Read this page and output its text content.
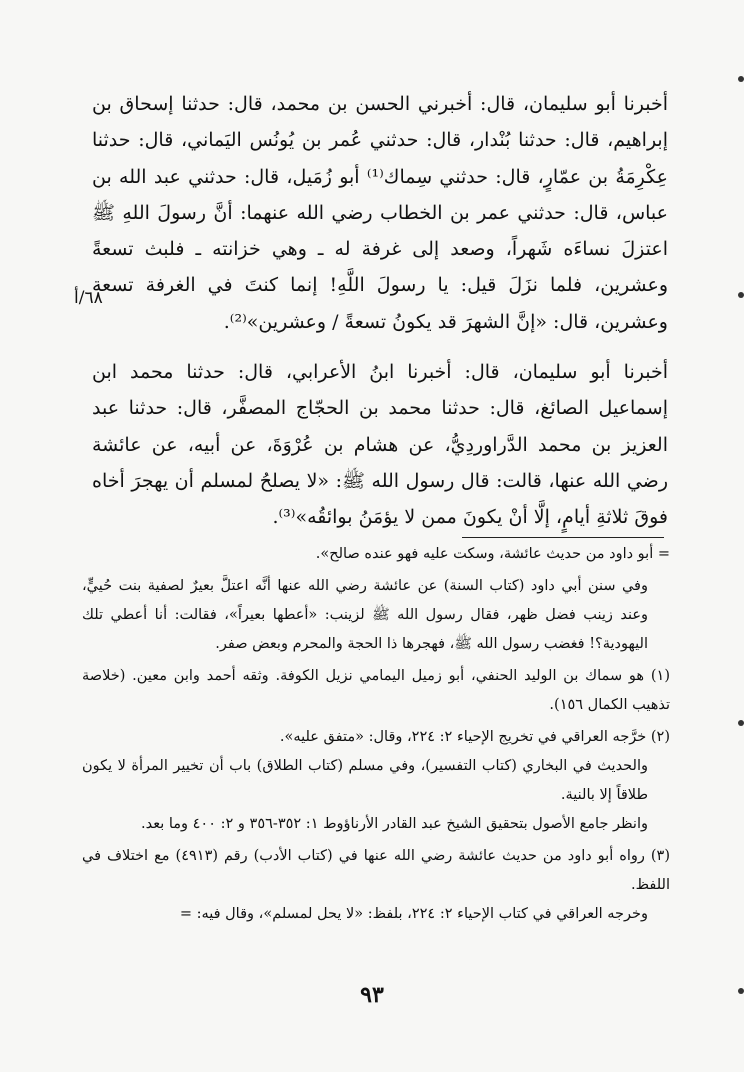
أخبرنا أبو سليمان، قال: أخبرني الحسن بن محمد، قال: حدثنا إسحاق بن إبراهيم، قال: حدثنا بُنْدار، قال: حدثني عُمر بن يُونُس اليَماني، قال: حدثنا عِكْرِمَةُ بن عمّارٍ، قال: حدثني سِماك⁽¹⁾ أبو زُمَيل، قال: حدثني عبد الله بن عباس، قال: حدثني عمر بن الخطاب رضي الله عنهما: أنَّ رسولَ اللهِ ﷺ اعتزلَ نساءَه شَهراً، وصعد إلى غرفة له ـ وهي خزانته ـ فلبث تسعةً وعشرين، فلما نزَلَ قيل: يا رسولَ اللَّهِ! إنما كنتَ في الغرفة تسعة وعشرين، قال: «إنَّ الشهرَ قد يكونُ تسعةً / وعشرين»⁽²⁾.

أخبرنا أبو سليمان، قال: أخبرنا ابنُ الأعرابي، قال: حدثنا محمد ابن إسماعيل الصائغ، قال: حدثنا محمد بن الحجّاج المصفَّر، قال: حدثنا عبد العزيز بن محمد الدَّراوردِيُّ، عن هشام بن عُرْوَةَ، عن أبيه، عن عائشة رضي الله عنها، قالت: قال رسول الله ﷺ: «لا يصلحُ لمسلم أن يهجرَ أخاه فوقَ ثلاثةِ أيامٍ، إلَّا أنْ يكونَ ممن لا يؤمَنُ بوائقُه»⁽³⁾.

٦٨/أ

= أبو داود من حديث عائشة، وسكت عليه فهو عنده صالح».

وفي سنن أبي داود (كتاب السنة) عن عائشة رضي الله عنها أنَّه اعتلَّ بعيرٌ لصفية بنت حُييٍّ، وعند زينب فضل ظهر، فقال رسول الله ﷺ لزينب: «أعطها بعيراً»، فقالت: أنا أعطي تلك اليهودية؟! فغضب رسول الله ﷺ، فهجرها ذا الحجة والمحرم وبعض صفر.

(١) هو سماك بن الوليد الحنفي، أبو زميل اليمامي نزيل الكوفة. وثقه أحمد وابن معين. (خلاصة تذهيب الكمال ١٥٦).

(٢) خرَّجه العراقي في تخريج الإحياء ٢: ٢٢٤، وقال: «متفق عليه».

والحديث في البخاري (كتاب التفسير)، وفي مسلم (كتاب الطلاق) باب أن تخيير المرأة لا يكون طلاقاً إلا بالنية.

وانظر جامع الأصول بتحقيق الشيخ عبد القادر الأرناؤوط ١: ٣٥٢-٣٥٦ و ٢: ٤٠٠ وما بعد.

(٣) رواه أبو داود من حديث عائشة رضي الله عنها في (كتاب الأدب) رقم (٤٩١٣) مع اختلاف في اللفظ.

وخرجه العراقي في كتاب الإحياء ٢: ٢٢٤، بلفظ: «لا يحل لمسلم»، وقال فيه: =

٩٣
